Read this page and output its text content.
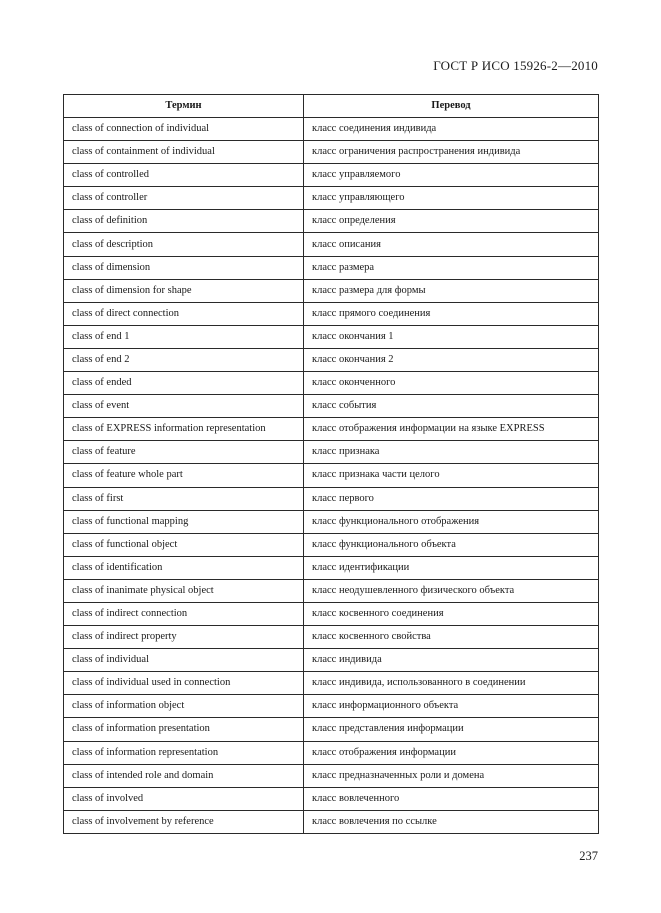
ГОСТ Р ИСО 15926-2—2010
Термин	Перевод
class of connection of individual	класс соединения индивида
class of containment of individual	класс ограничения распространения индивида
class of controlled	класс управляемого
class of controller	класс управляющего
class of definition	класс определения
class of description	класс описания
class of dimension	класс размера
class of dimension for shape	класс размера для формы
class of direct connection	класс прямого соединения
class of end 1	класс окончания 1
class of end 2	класс окончания 2
class of ended	класс оконченного
class of event	класс события
class of EXPRESS information representation	класс отображения информации на языке EXPRESS
class of feature	класс признака
class of feature whole part	класс признака части целого
class of first	класс первого
class of functional mapping	класс функционального отображения
class of functional object	класс функционального объекта
class of identification	класс идентификации
class of inanimate physical object	класс неодушевленного физического объекта
class of indirect connection	класс косвенного соединения
class of indirect property	класс косвенного свойства
class of individual	класс индивида
class of individual used in connection	класс индивида, использованного в соединении
class of information object	класс информационного объекта
class of information presentation	класс представления информации
class of information representation	класс отображения информации
class of intended role and domain	класс предназначенных роли и домена
class of involved	класс вовлеченного
class of involvement by reference	класс вовлечения по ссылке
237
